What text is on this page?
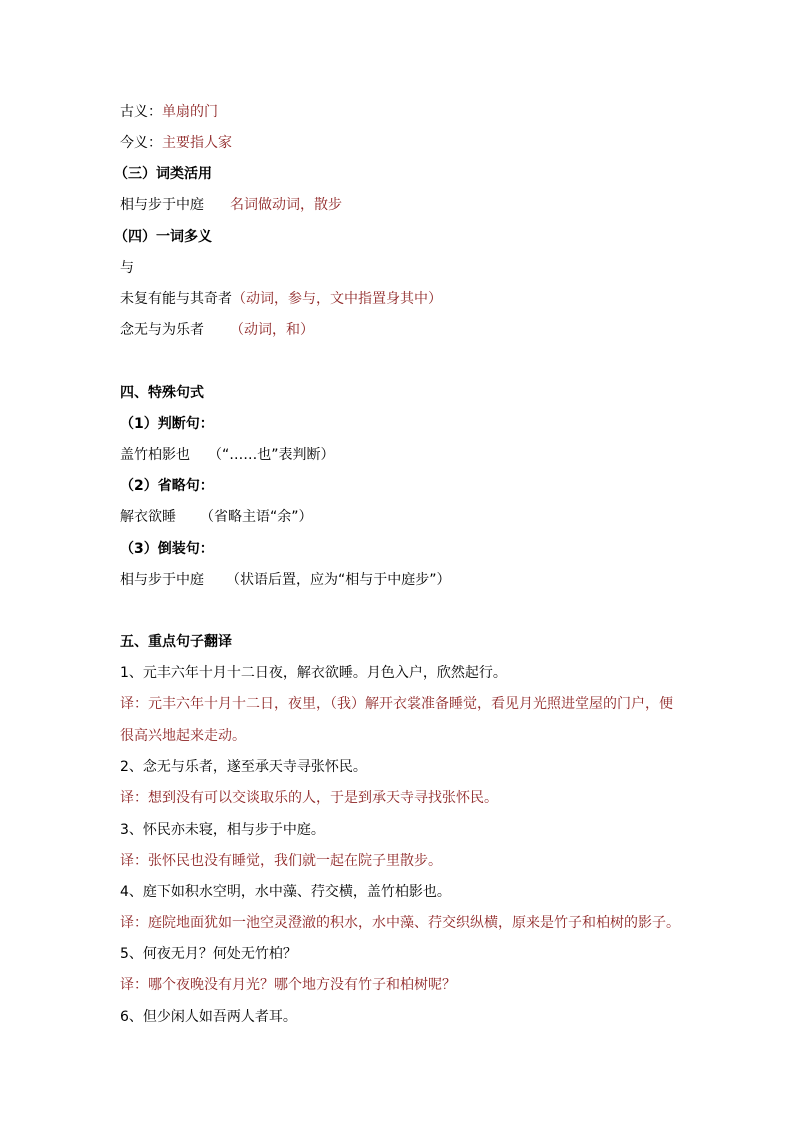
古义：单扇的门
今义：主要指人家
（三）词类活用
相与步于中庭 名词做动词，散步
（四）一词多义
与
未复有能与其奇者（动词，参与，文中指置身其中）
念无与为乐者 （动词，和）
四、特殊句式
（1）判断句：
盖竹柏影也 （“……也”表判断）
（2）省略句：
解衣欲睡 （省略主语“余”）
（3）倒装句：
相与步于中庭 （状语后置，应为“相与于中庭步”）
五、重点句子翻译
1、元丰六年十月十二日夜，解衣欲睡。月色入户，欣然起行。
译：元丰六年十月十二日，夜里，（我）解开衣裳准备睡觉，看见月光照进堂屋的门户，便
很高兴地起来走动。
2、念无与乐者，遂至承天寺寻张怀民。
译：想到没有可以交谈取乐的人，于是到承天寺寻找张怀民。
3、怀民亦未寝，相与步于中庭。
译：张怀民也没有睡觉，我们就一起在院子里散步。
4、庭下如积水空明，水中藻、荇交横，盖竹柏影也。
译：庭院地面犹如一池空灵澄澈的积水，水中藻、荇交织纵横，原来是竹子和柏树的影子。
5、何夜无月？何处无竹柏？
译：哪个夜晚没有月光？哪个地方没有竹子和柏树呢？
6、但少闲人如吾两人者耳。
